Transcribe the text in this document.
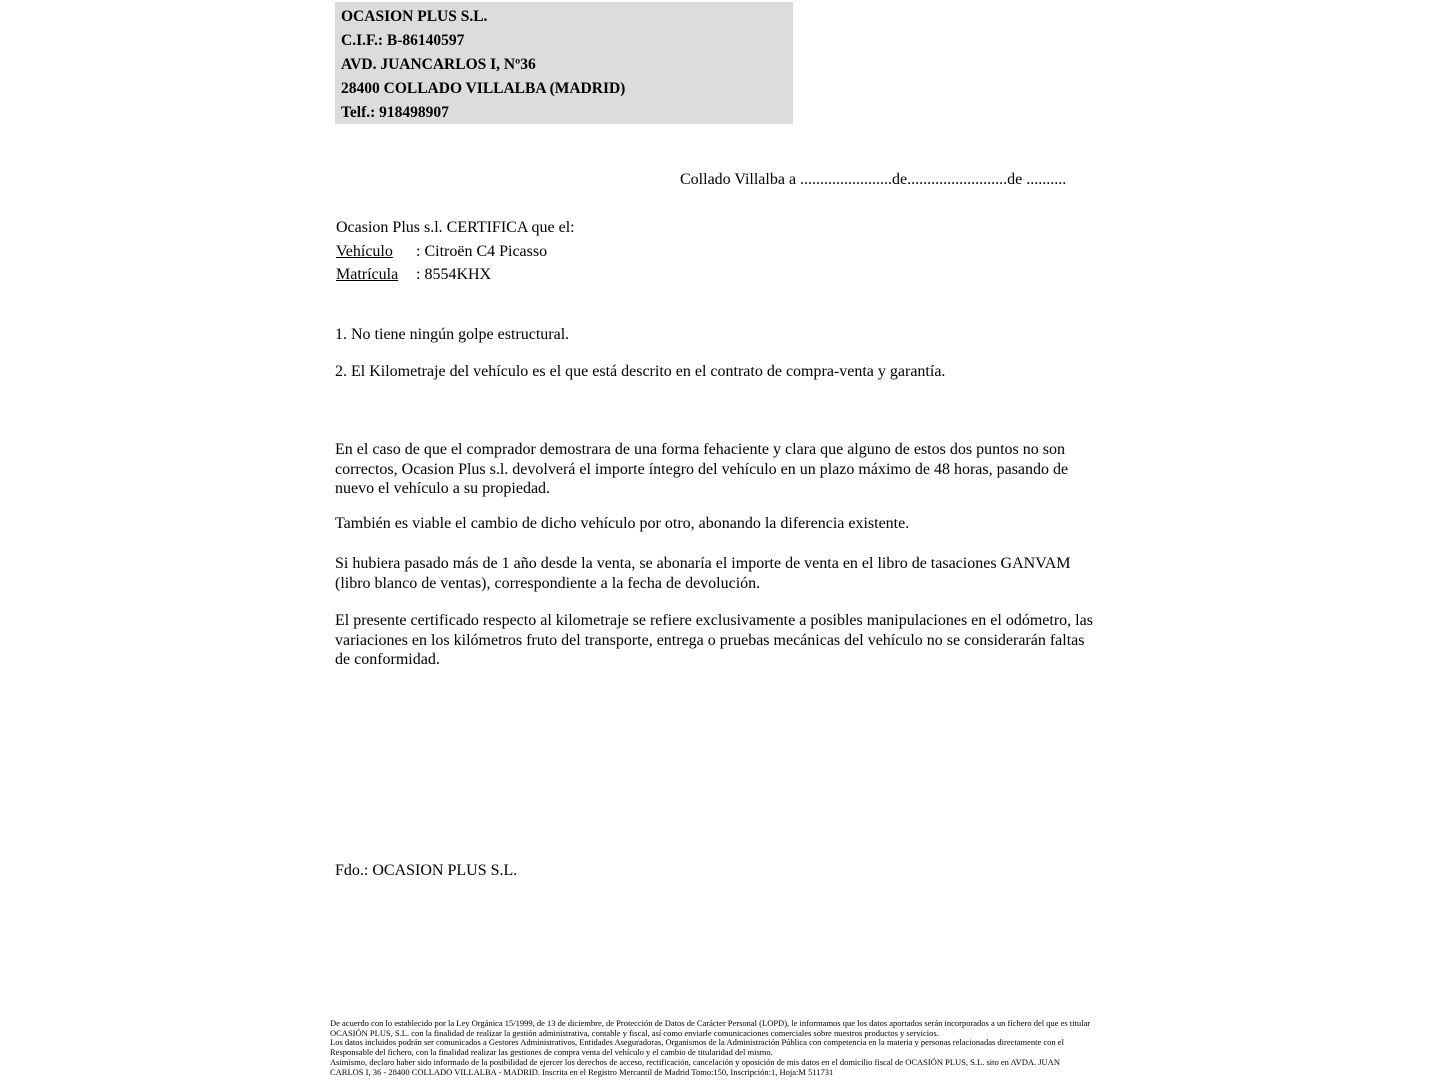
OCASION PLUS S.L.
C.I.F.: B-86140597
AVD. JUANCARLOS I, Nº36
28400 COLLADO VILLALBA (MADRID)
Telf.: 918498907
Collado Villalba a .......................de.........................de ..........
Ocasion Plus s.l. CERTIFICA que el:
Vehículo : Citroën C4 Picasso
Matrícula : 8554KHX
1. No tiene ningún golpe estructural.
2. El Kilometraje del vehículo es el que está descrito en el contrato de compra-venta y garantía.
En el caso de que el comprador demostrara de una forma fehaciente y clara que alguno de estos dos puntos no son correctos, Ocasion Plus s.l. devolverá el importe íntegro del vehículo en un plazo máximo de 48 horas, pasando de nuevo el vehículo a su propiedad.
También es viable el cambio de dicho vehículo por otro, abonando la diferencia existente.
Si hubiera pasado más de 1 año desde la venta, se abonaría el importe de venta en el libro de tasaciones GANVAM (libro blanco de ventas), correspondiente a la fecha de devolución.
El presente certificado respecto al kilometraje se refiere exclusivamente a posibles manipulaciones en el odómetro, las variaciones en los kilómetros fruto del transporte, entrega o pruebas mecánicas del vehículo no se considerarán faltas de conformidad.
Fdo.: OCASION PLUS S.L.
De acuerdo con lo establecido por la Ley Orgánica 15/1999, de 13 de diciembre, de Protección de Datos de Carácter Personal (LOPD), le informamos que los datos aportados serán incorporados a un fichero del que es titular
OCASIÓN PLUS, S.L. con la finalidad de realizar la gestión administrativa, contable y fiscal, así como enviarle comunicaciones comerciales sobre nuestros productos y servicios.
Los datos incluidos podrán ser comunicados a Gestores Administrativos, Entidades Aseguradoras, Organismos de la Administración Pública con competencia en la materia y personas relacionadas directamente con el
Responsable del fichero, con la finalidad realizar las gestiones de compra venta del vehículo y el cambio de titularidad del mismo.
Asimismo, declaro haber sido informado de la posibilidad de ejercer los derechos de acceso, rectificación, cancelación y oposición de mis datos en el domicilio fiscal de OCASIÓN PLUS, S.L. sito en AVDA. JUAN
CARLOS I, 36 - 28400 COLLADO VILLALBA - MADRID. Inscrita en el Registro Mercantil de Madrid Tomo:150, Inscripción:1, Hoja:M 511731
